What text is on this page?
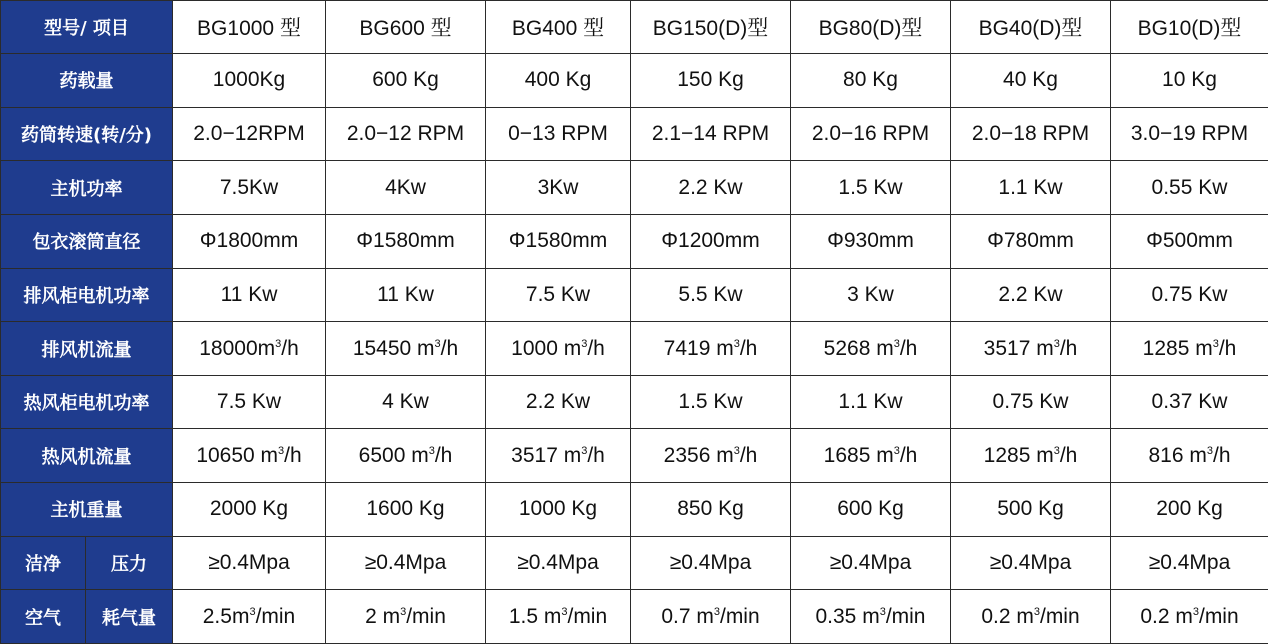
型号/ 项目		BG1000 型	BG600 型	BG400 型	BG150(D)型	BG80(D)型	BG40(D)型	BG10(D)型
药载量		1000Kg	600 Kg	400 Kg	150 Kg	80 Kg	40 Kg	10 Kg
药筒转速(转/分)		2.0−12RPM	2.0−12 RPM	0−13 RPM	2.1−14 RPM	2.0−16 RPM	2.0−18 RPM	3.0−19 RPM
主机功率		7.5Kw	4Kw	3Kw	2.2 Kw	1.5 Kw	1.1 Kw	0.55 Kw
包衣滚筒直径		Φ1800mm	Φ1580mm	Φ1580mm	Φ1200mm	Φ930mm	Φ780mm	Φ500mm
排风柜电机功率		11 Kw	11 Kw	7.5 Kw	5.5 Kw	3 Kw	2.2 Kw	0.75 Kw
排风机流量		$18000m^3/h$	15450 $m^3/h$	1000 $m^3/h$	7419 $m^3/h$	5268 $m^3/h$	3517 $m^3/h$	1285 $m^3/h$
热风柜电机功率		7.5 Kw	4 Kw	2.2 Kw	1.5 Kw	1.1 Kw	0.75 Kw	0.37 Kw
热风机流量		10650 $m^3/h$	6500 $m^3/h$	3517 $m^3/h$	2356 $m^3/h$	1685 $m^3/h$	1285 $m^3/h$	816 $m^3/h$
主机重量		2000 Kg	1600 Kg	1000 Kg	850 Kg	600 Kg	500 Kg	200 Kg
洁净	压力	≥0.4Mpa	≥0.4Mpa	≥0.4Mpa	≥0.4Mpa	≥0.4Mpa	≥0.4Mpa	≥0.4Mpa
空气	耗气量	$2.5m^3/\min$	2 $m^3/\min$	1.5 $m^3/\min$	0.7 $m^3/\min$	0.35 $m^3/\min$	0.2 $m^3/\min$	0.2 $m^3/\min$
